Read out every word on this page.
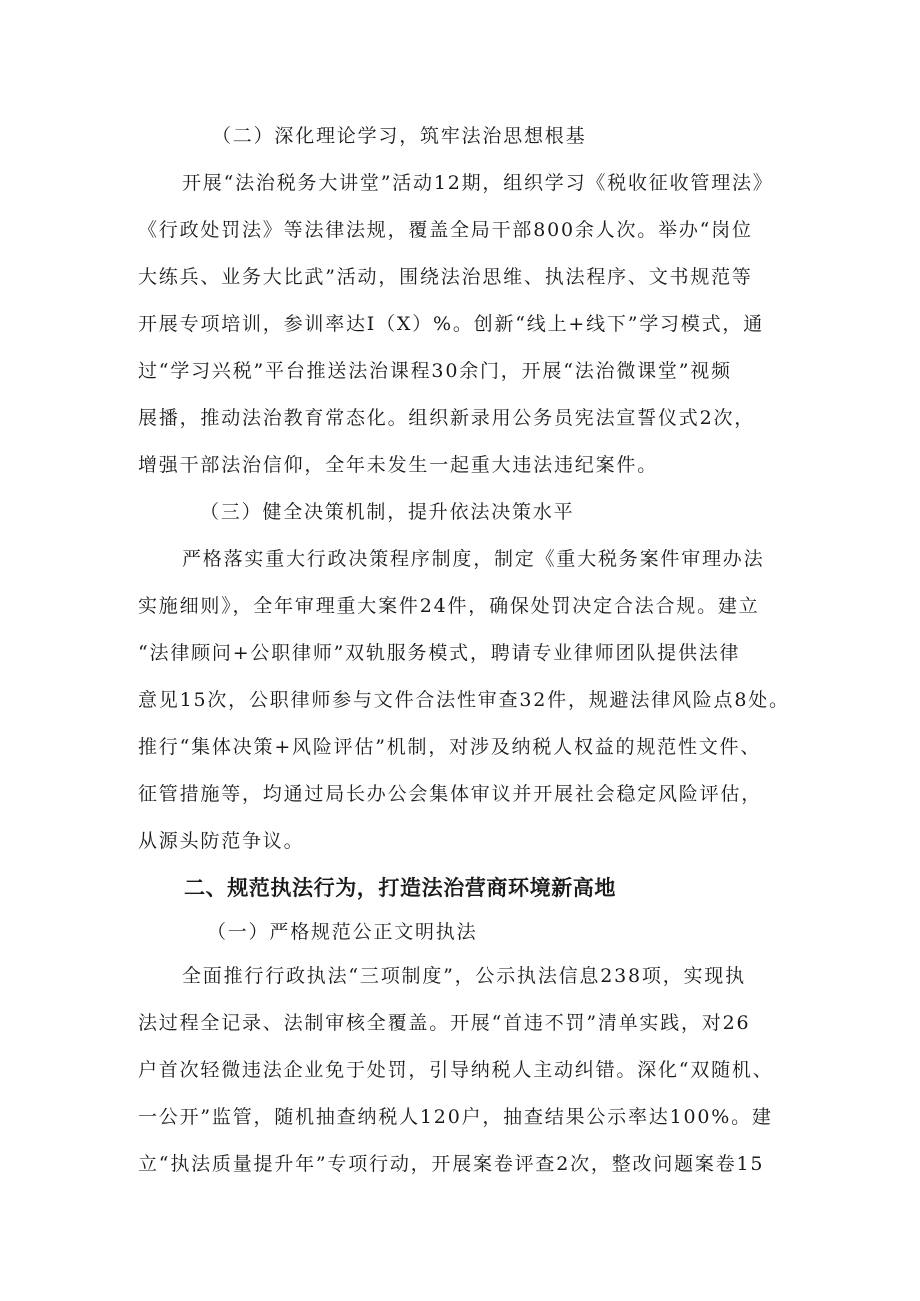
（二）深化理论学习，筑牢法治思想根基
开展“法治税务大讲堂”活动12期，组织学习《税收征收管理法》
《行政处罚法》等法律法规，覆盖全局干部800余人次。举办“岗位
大练兵、业务大比武”活动，围绕法治思维、执法程序、文书规范等
开展专项培训，参训率达I（X）%。创新“线上+线下”学习模式，通
过“学习兴税”平台推送法治课程30余门，开展“法治微课堂”视频
展播，推动法治教育常态化。组织新录用公务员宪法宣誓仪式2次，
增强干部法治信仰，全年未发生一起重大违法违纪案件。
（三）健全决策机制，提升依法决策水平
严格落实重大行政决策程序制度，制定《重大税务案件审理办法
实施细则》，全年审理重大案件24件，确保处罚决定合法合规。建立
“法律顾问+公职律师”双轨服务模式，聘请专业律师团队提供法律
意见15次，公职律师参与文件合法性审查32件，规避法律风险点8处。
推行“集体决策+风险评估”机制，对涉及纳税人权益的规范性文件、
征管措施等，均通过局长办公会集体审议并开展社会稳定风险评估，
从源头防范争议。
二、规范执法行为，打造法治营商环境新高地
（一）严格规范公正文明执法
全面推行行政执法“三项制度”，公示执法信息238项，实现执
法过程全记录、法制审核全覆盖。开展“首违不罚”清单实践，对26
户首次轻微违法企业免于处罚，引导纳税人主动纠错。深化“双随机、
一公开”监管，随机抽查纳税人120户，抽查结果公示率达100%。建
立“执法质量提升年”专项行动，开展案卷评查2次，整改问题案卷15
